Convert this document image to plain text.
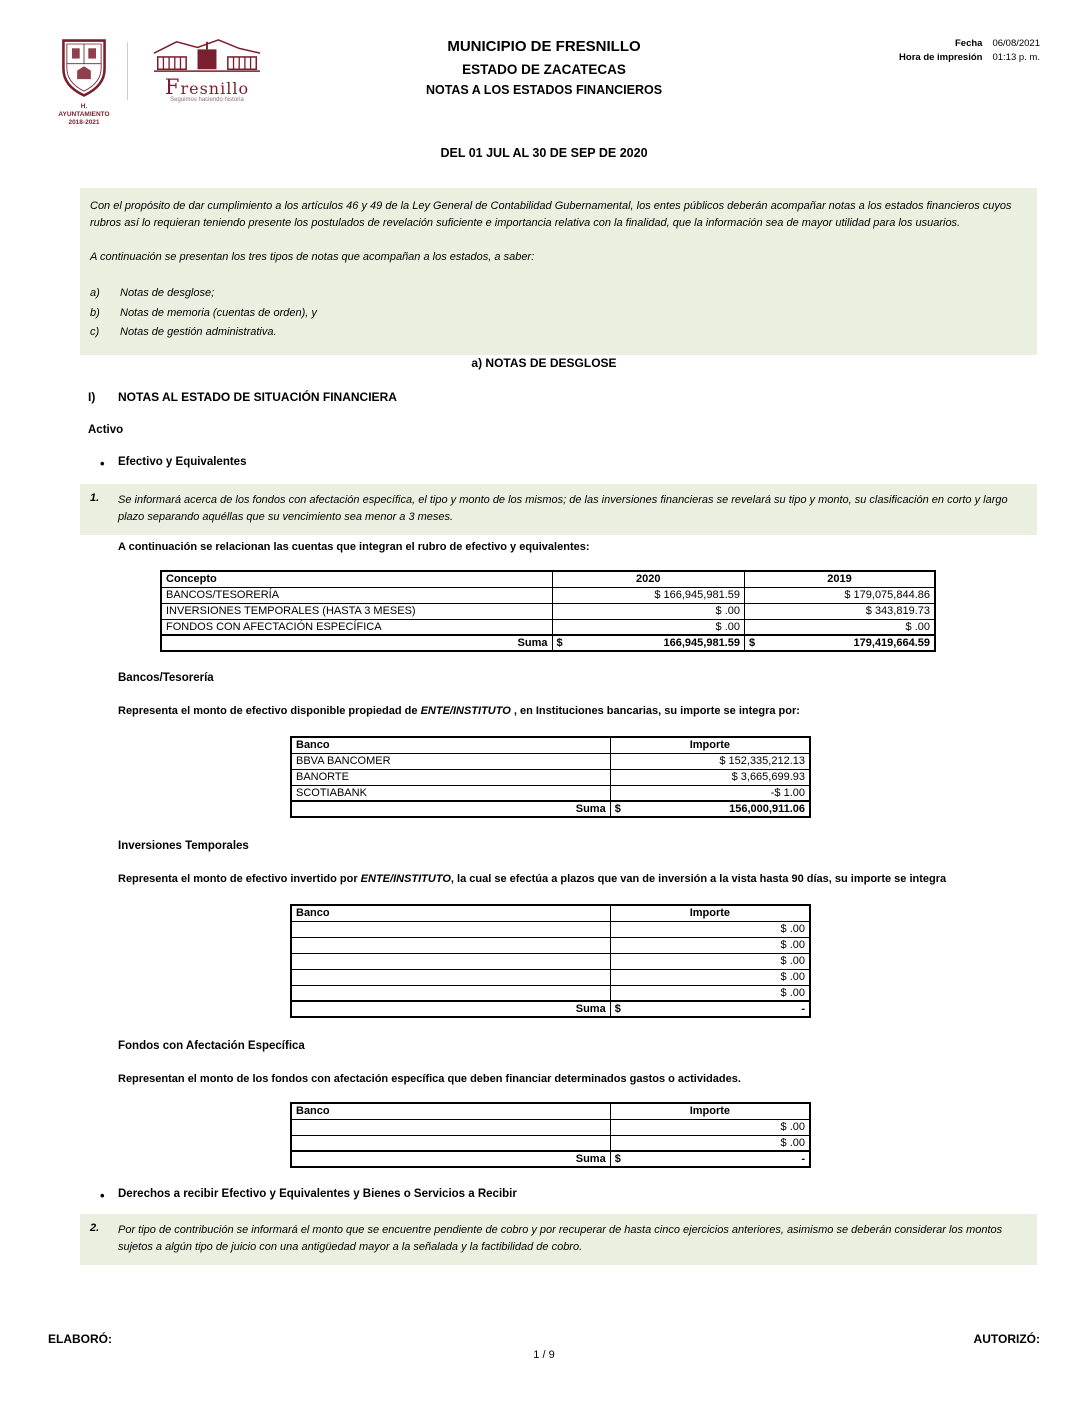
H. AYUNTAMIENTO
2018-2021
Fresnillo
Seguimos haciendo historia
MUNICIPIO DE FRESNILLO
ESTADO DE ZACATECAS
NOTAS A LOS ESTADOS FINANCIEROS
Fecha 06/08/2021
Hora de impresión 01:13 p. m.
DEL 01 JUL AL 30 DE SEP DE 2020

Con el propósito de dar cumplimiento a los artículos 46 y 49 de la Ley General de Contabilidad Gubernamental, los entes públicos deberán acompañar notas a los estados financieros cuyos rubros así lo requieran teniendo presente los postulados de revelación suficiente e importancia relativa con la finalidad, que la información sea de mayor utilidad para los usuarios.

A continuación se presentan los tres tipos de notas que acompañan a los estados, a saber:

a)	Notas de desglose;
b)	Notas de memoria (cuentas de orden), y
c)	Notas de gestión administrativa.
a) NOTAS DE DESGLOSE
I)	NOTAS AL ESTADO DE SITUACIÓN FINANCIERA
Activo
• Efectivo y Equivalentes
1. Se informará acerca de los fondos con afectación específica, el tipo y monto de los mismos; de las inversiones financieras se revelará su tipo y monto, su clasificación en corto y largo plazo separando aquéllas que su vencimiento sea menor a 3 meses.

A continuación se relacionan las cuentas que integran el rubro de efectivo y equivalentes:
Concepto	2020	2019
BANCOS/TESORERÍA	$ 166,945,981.59	$ 179,075,844.86
INVERSIONES TEMPORALES (HASTA 3 MESES)	$ .00	$ 343,819.73
FONDOS CON AFECTACIÓN ESPECÍFICA	$ .00	$ .00
Suma	$ 166,945,981.59	$ 179,419,664.59
Bancos/Tesorería

Representa el monto de efectivo disponible propiedad de ENTE/INSTITUTO , en Instituciones bancarias, su importe se integra por:

Banco	Importe
BBVA BANCOMER	$ 152,335,212.13
BANORTE	$ 3,665,699.93
SCOTIABANK	-$ 1.00
Suma	$ 156,000,911.06
Inversiones Temporales

Representa el monto de efectivo invertido por ENTE/INSTITUTO, la cual se efectúa a plazos que van de inversión a la vista hasta 90 días, su importe se integra

Banco	Importe
	$ .00
	$ .00
	$ .00
	$ .00
	$ .00
Suma	$ -
Fondos con Afectación Específica

Representan el monto de los fondos con afectación específica que deben financiar determinados gastos o actividades.

Banco	Importe
	$ .00
	$ .00
Suma	$ -
• Derechos a recibir Efectivo y Equivalentes y Bienes o Servicios a Recibir
2. Por tipo de contribución se informará el monto que se encuentre pendiente de cobro y por recuperar de hasta cinco ejercicios anteriores, asimismo se deberán considerar los montos sujetos a algún tipo de juicio con una antigüedad mayor a la señalada y la factibilidad de cobro.

ELABORÓ:	AUTORIZÓ:
1 / 9
